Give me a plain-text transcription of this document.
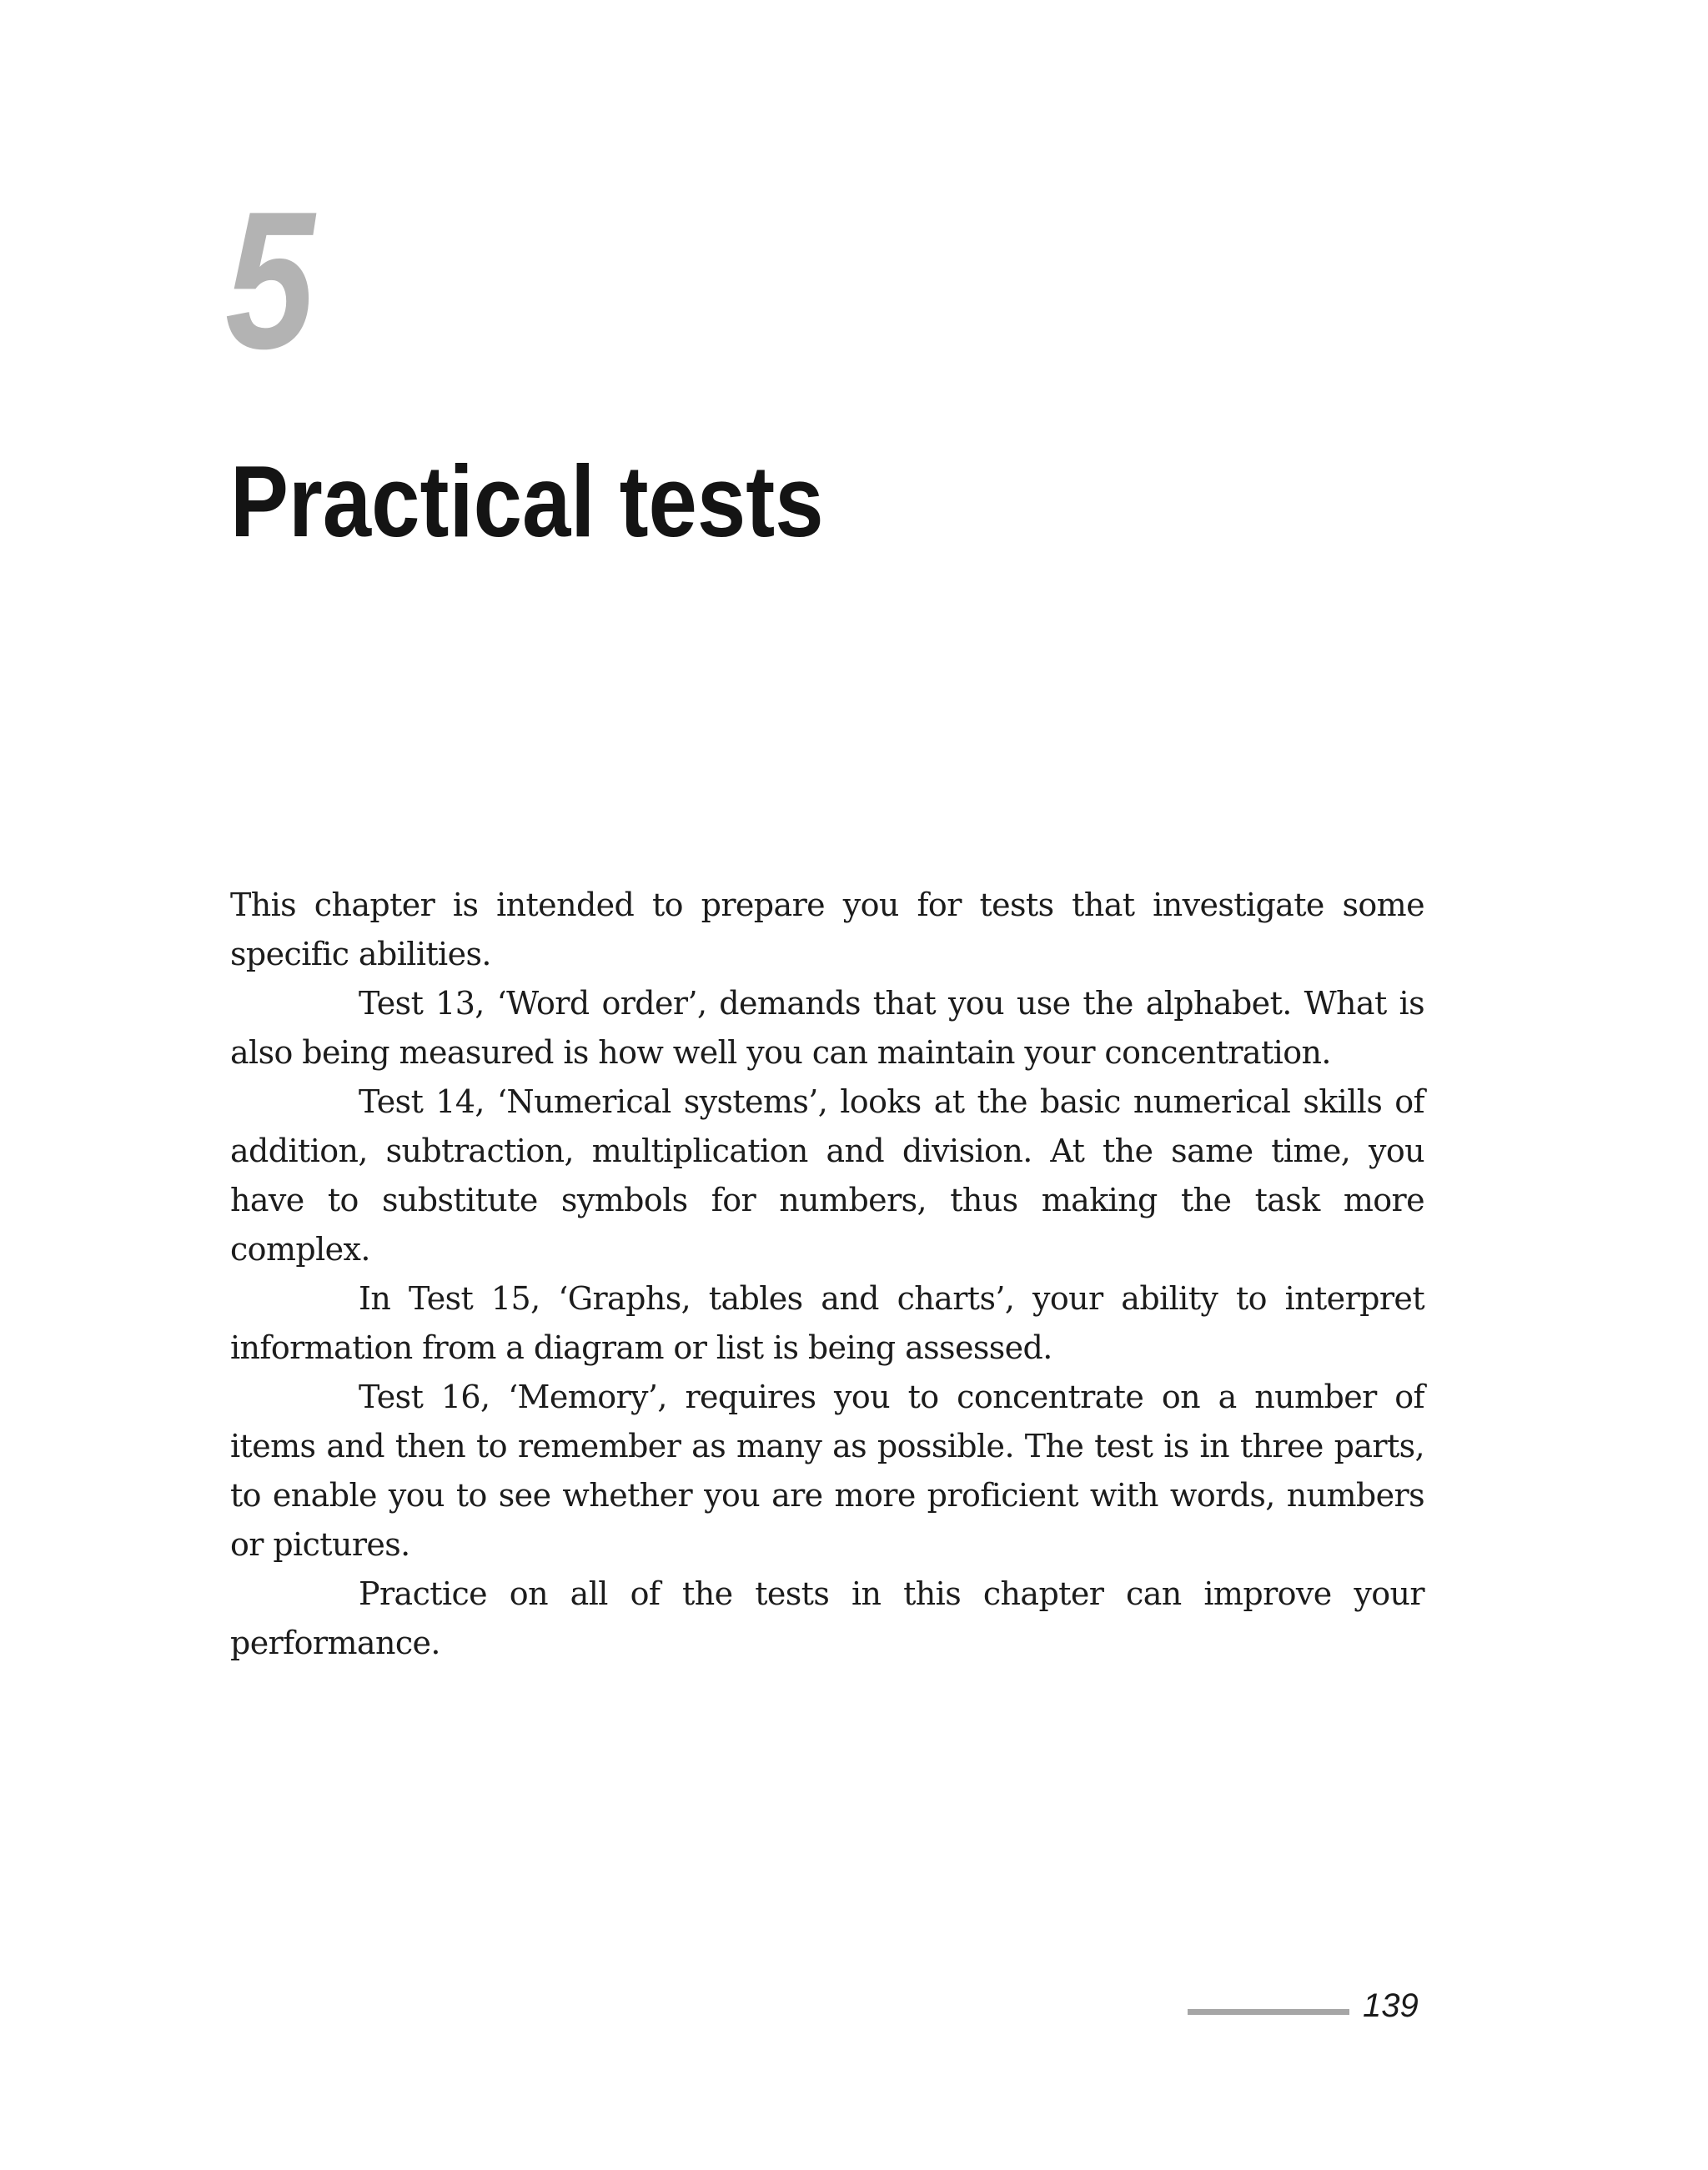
5
Practical tests

This chapter is intended to prepare you for tests that investigate some specific abilities.

Test 13, ‘Word order’, demands that you use the alphabet. What is also being measured is how well you can maintain your concentration.

Test 14, ‘Numerical systems’, looks at the basic numerical skills of addition, subtraction, multiplication and division. At the same time, you have to substitute symbols for numbers, thus making the task more complex.

In Test 15, ‘Graphs, tables and charts’, your ability to interpret information from a diagram or list is being assessed.

Test 16, ‘Memory’, requires you to concentrate on a number of items and then to remember as many as possible. The test is in three parts, to enable you to see whether you are more proficient with words, numbers or pictures.

Practice on all of the tests in this chapter can improve your performance.

139
